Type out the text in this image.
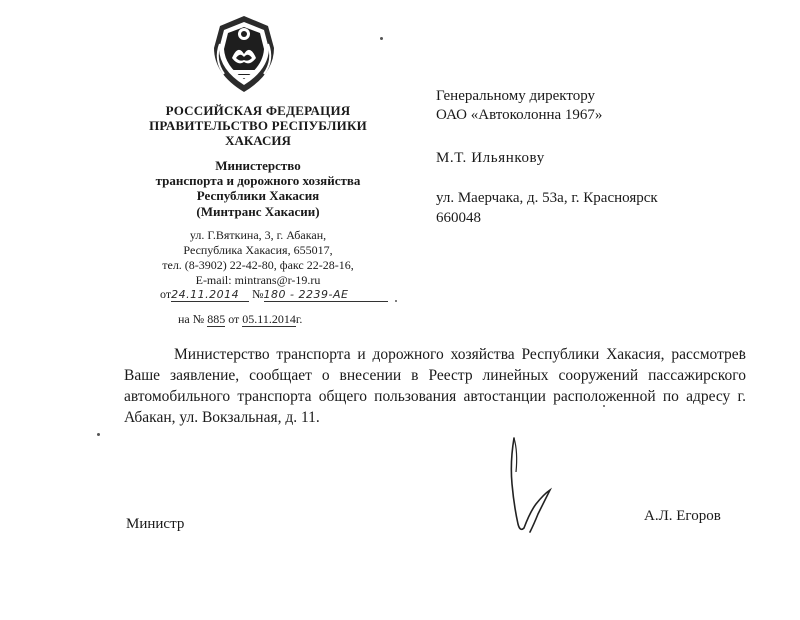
РОССИЙСКАЯ ФЕДЕРАЦИЯ
ПРАВИТЕЛЬСТВО РЕСПУБЛИКИ
ХАКАСИЯ
Министерство
транспорта и дорожного хозяйства
Республики Хакасия
(Минтранс Хакасии)
ул. Г.Вяткина, 3, г. Абакан,
Республика Хакасия, 655017,
тел. (8-3902) 22-42-80, факс 22-28-16,
E-mail: mintrans@r-19.ru
от24.11.2014 №180 - 2239-АЕ
на № 885 от 05.11.2014г.
Генеральному директору
ОАО «Автоколонна 1967»
М.Т. Ильянкову
ул. Маерчака, д. 53а, г. Красноярск
660048
Министерство транспорта и дорожного хозяйства Республики Хакасия, рассмотрев Ваше заявление, сообщает о внесении в Реестр линейных сооружений пассажирского автомобильного транспорта общего пользования автостанции расположенной по адресу г. Абакан, ул. Вокзальная, д. 11.
Министр	А.Л. Егоров
